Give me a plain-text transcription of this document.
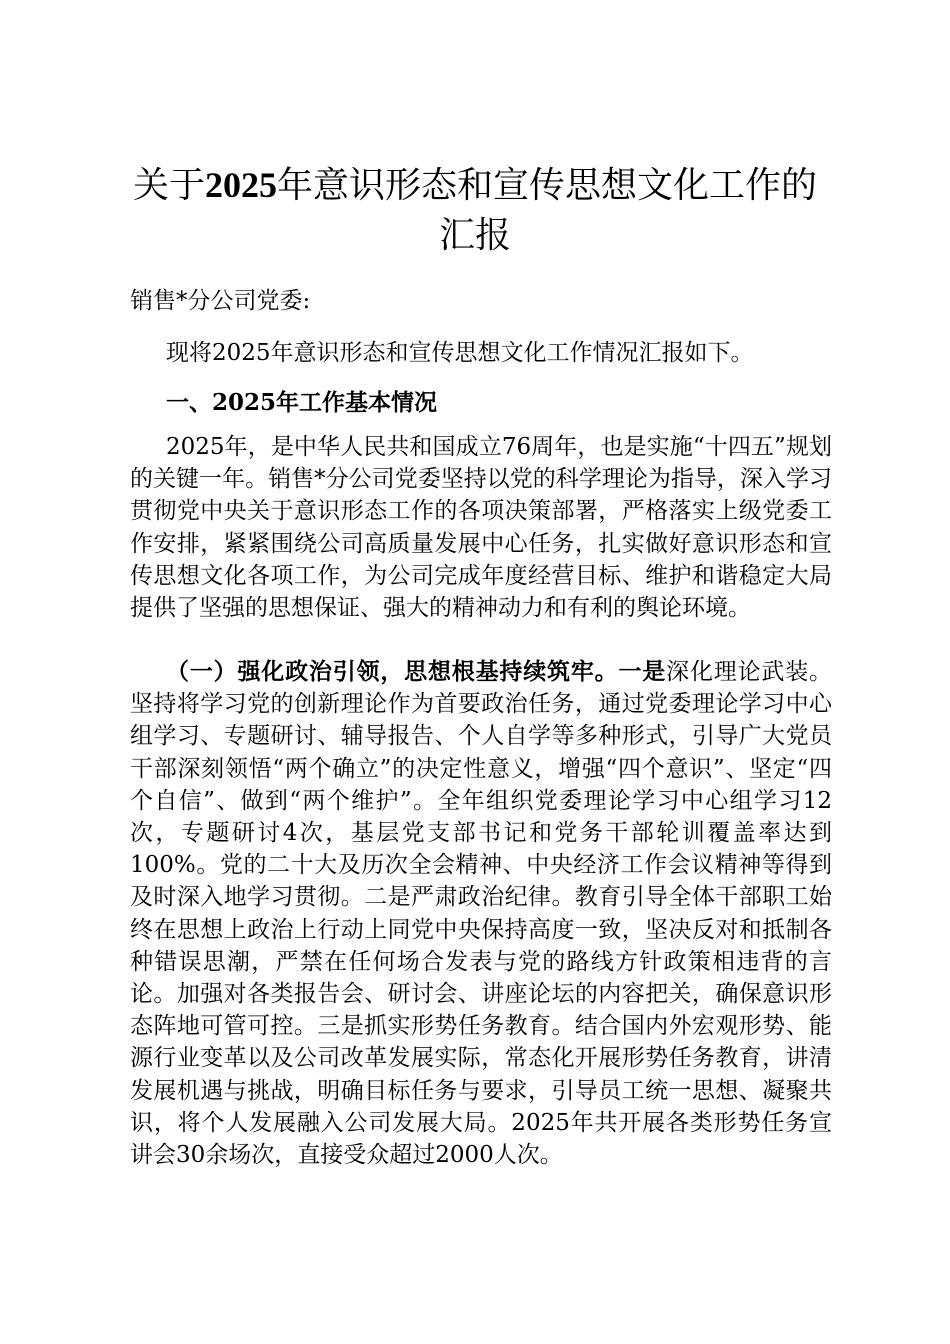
关于2025年意识形态和宣传思想文化工作的
汇报
销售*分公司党委:
现将2025年意识形态和宣传思想文化工作情况汇报如下。
一、2025年工作基本情况
2025年，是中华人民共和国成立76周年，也是实施“十四五”规划的关键一年。销售*分公司党委坚持以党的科学理论为指导，深入学习贯彻党中央关于意识形态工作的各项决策部署，严格落实上级党委工作安排，紧紧围绕公司高质量发展中心任务，扎实做好意识形态和宣传思想文化各项工作，为公司完成年度经营目标、维护和谐稳定大局提供了坚强的思想保证、强大的精神动力和有利的舆论环境。
（一）强化政治引领，思想根基持续筑牢。一是深化理论武装。坚持将学习党的创新理论作为首要政治任务，通过党委理论学习中心组学习、专题研讨、辅导报告、个人自学等多种形式，引导广大党员干部深刻领悟“两个确立”的决定性意义，增强“四个意识”、坚定“四个自信”、做到“两个维护”。全年组织党委理论学习中心组学习12次，专题研讨4次，基层党支部书记和党务干部轮训覆盖率达到100%。党的二十大及历次全会精神、中央经济工作会议精神等得到及时深入地学习贯彻。二是严肃政治纪律。教育引导全体干部职工始终在思想上政治上行动上同党中央保持高度一致，坚决反对和抵制各种错误思潮，严禁在任何场合发表与党的路线方针政策相违背的言论。加强对各类报告会、研讨会、讲座论坛的内容把关，确保意识形态阵地可管可控。三是抓实形势任务教育。结合国内外宏观形势、能源行业变革以及公司改革发展实际，常态化开展形势任务教育，讲清发展机遇与挑战，明确目标任务与要求，引导员工统一思想、凝聚共识，将个人发展融入公司发展大局。2025年共开展各类形势任务宣讲会30余场次，直接受众超过2000人次。
